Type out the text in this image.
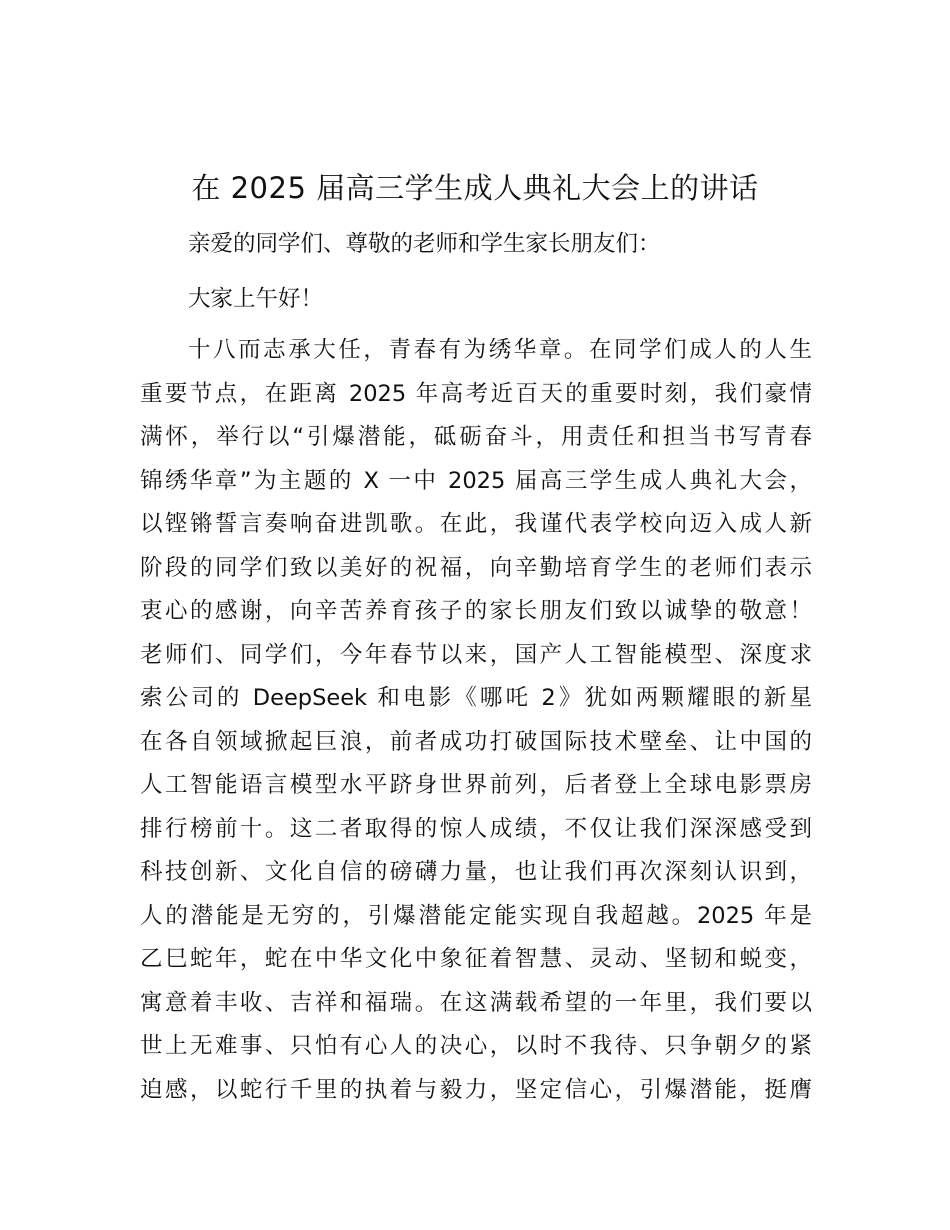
在 2025 届高三学生成人典礼大会上的讲话

亲爱的同学们、尊敬的老师和学生家长朋友们：

大家上午好！

十八而志承大任，青春有为绣华章。在同学们成人的人生

重要节点，在距离 2025 年高考近百天的重要时刻，我们豪情

满怀，举行以“引爆潜能，砥砺奋斗，用责任和担当书写青春

锦绣华章”为主题的 X 一中 2025 届高三学生成人典礼大会，

以铿锵誓言奏响奋进凯歌。在此，我谨代表学校向迈入成人新

阶段的同学们致以美好的祝福，向辛勤培育学生的老师们表示

衷心的感谢，向辛苦养育孩子的家长朋友们致以诚挚的敬意！

老师们、同学们，今年春节以来，国产人工智能模型、深度求

索公司的 DeepSeek 和电影《哪吒 2》犹如两颗耀眼的新星

在各自领域掀起巨浪，前者成功打破国际技术壁垒、让中国的

人工智能语言模型水平跻身世界前列，后者登上全球电影票房

排行榜前十。这二者取得的惊人成绩，不仅让我们深深感受到

科技创新、文化自信的磅礴力量，也让我们再次深刻认识到，

人的潜能是无穷的，引爆潜能定能实现自我超越。2025 年是

乙巳蛇年，蛇在中华文化中象征着智慧、灵动、坚韧和蜕变，

寓意着丰收、吉祥和福瑞。在这满载希望的一年里，我们要以

世上无难事、只怕有心人的决心，以时不我待、只争朝夕的紧

迫感，以蛇行千里的执着与毅力，坚定信心，引爆潜能，挺膺
